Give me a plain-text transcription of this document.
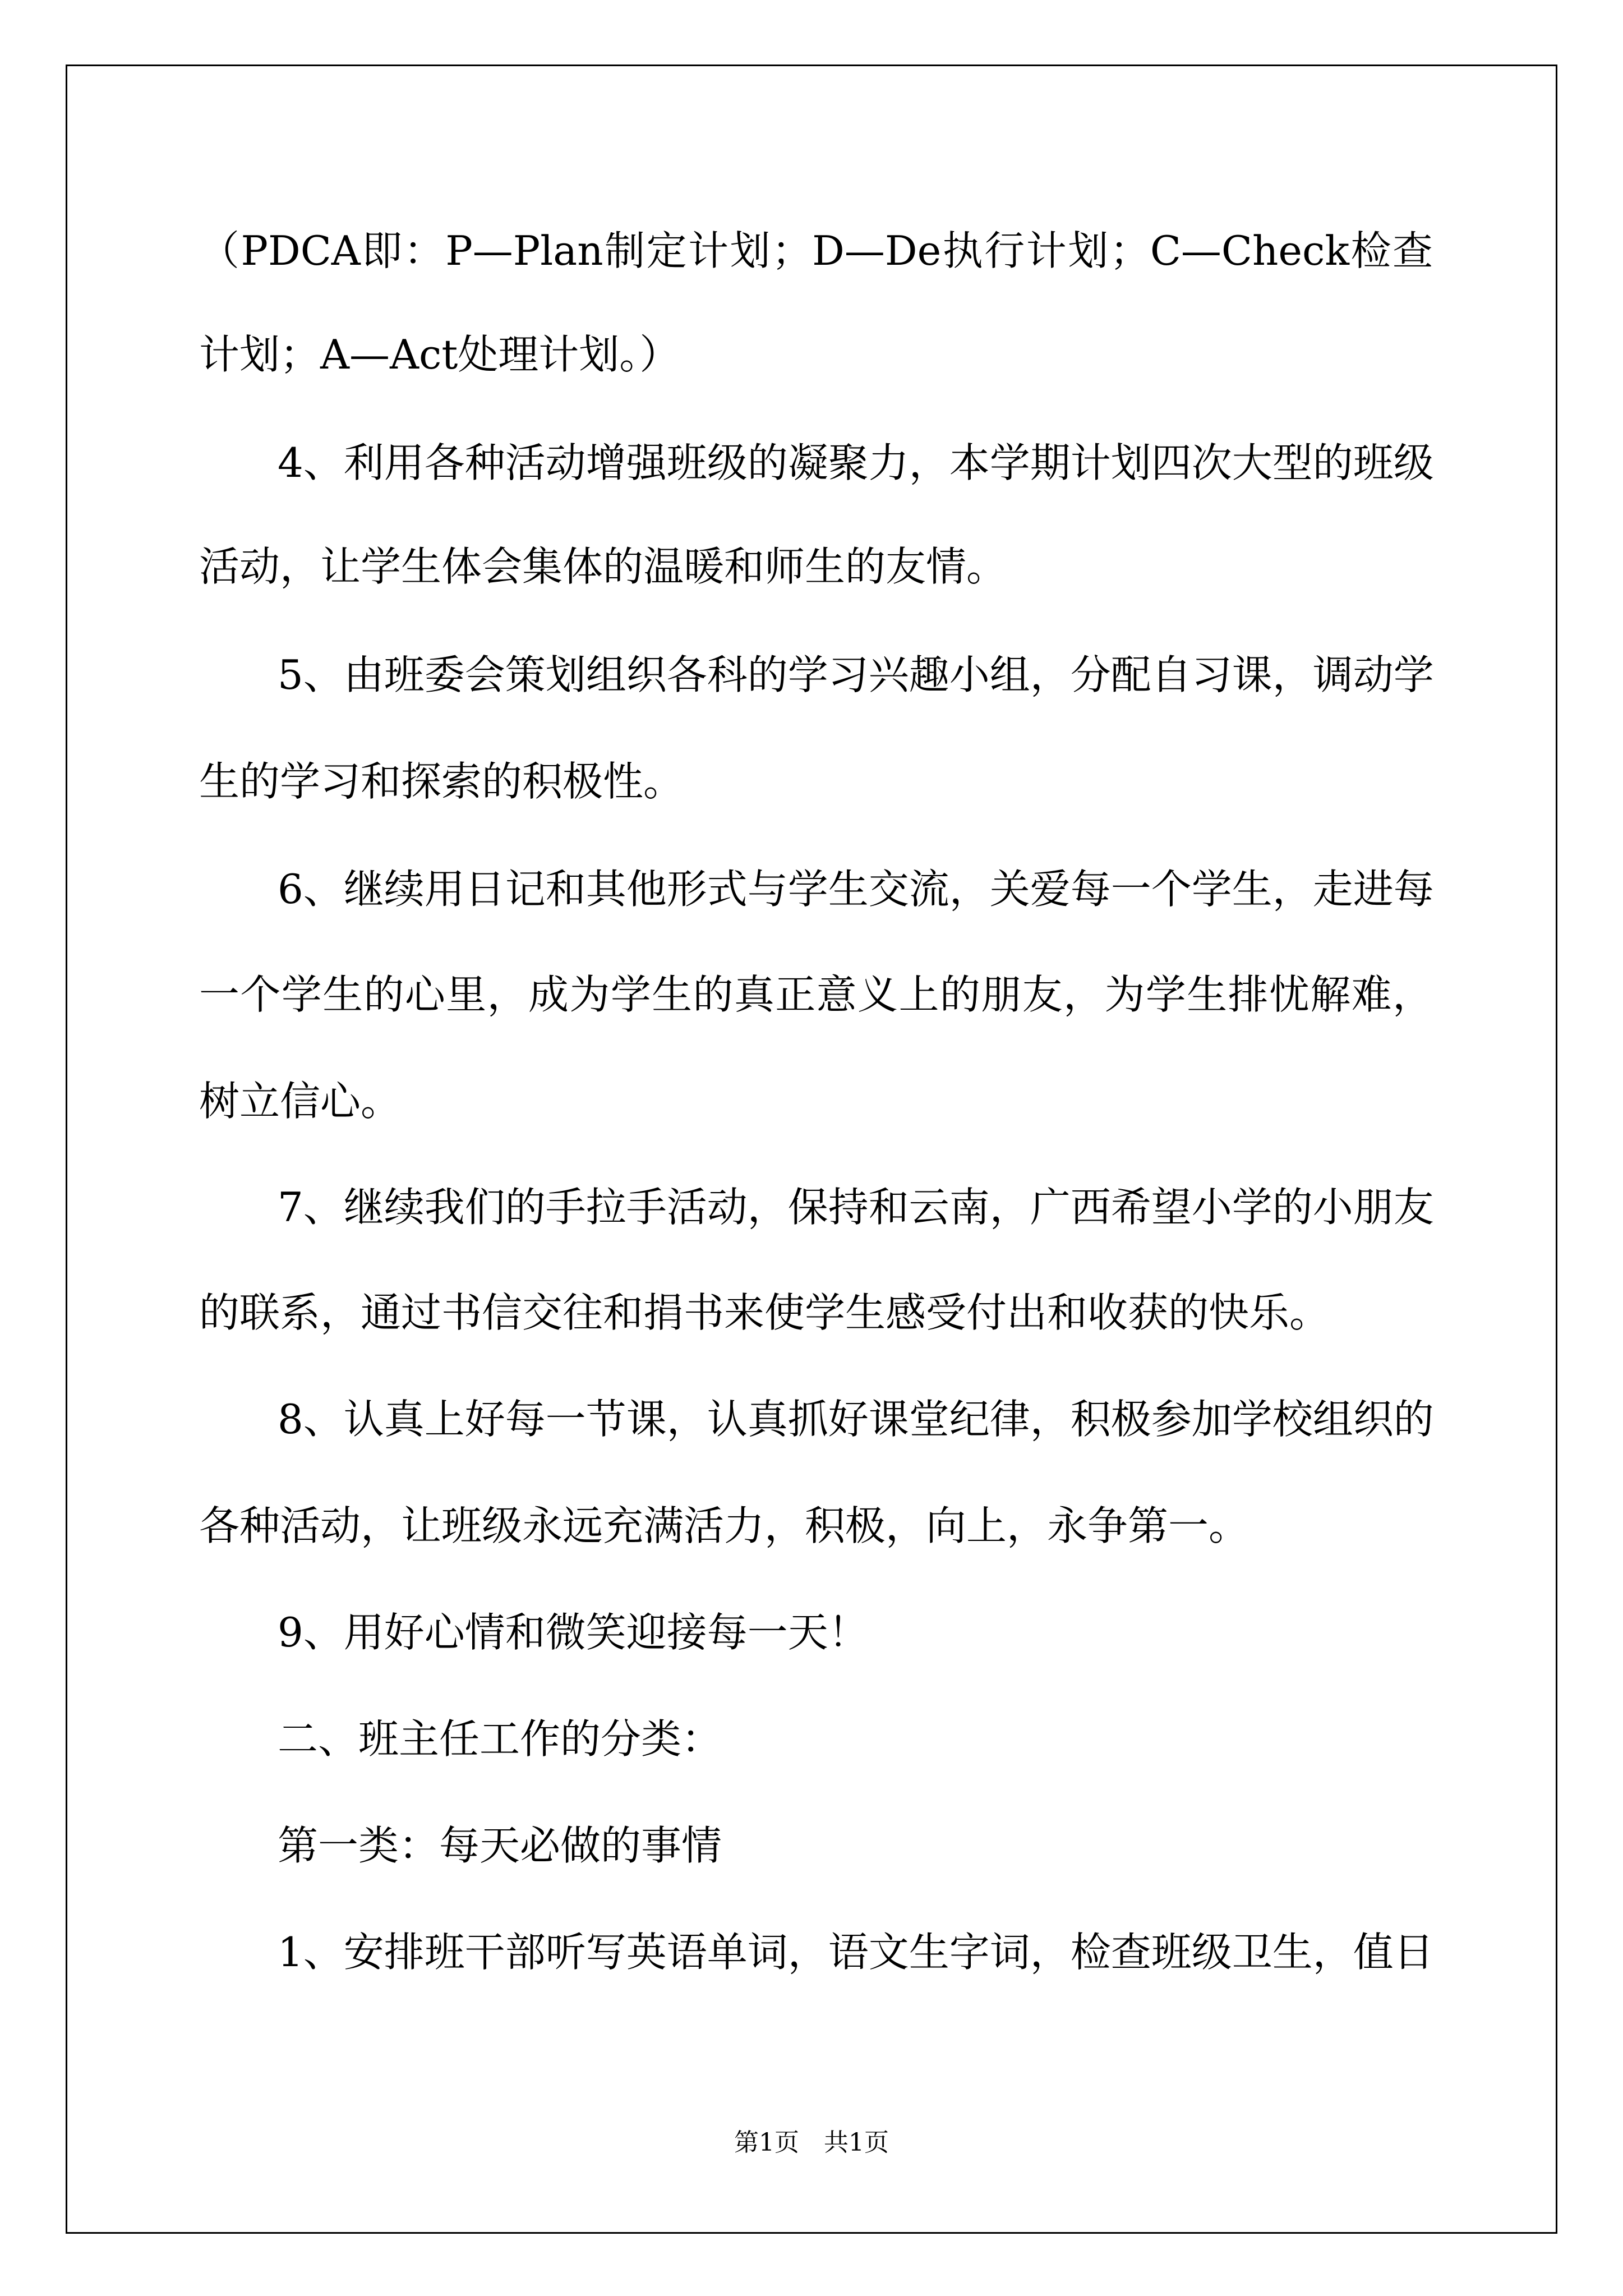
（PDCA即：P—Plan制定计划；D—De执行计划；C—Check检查
计划；A—Act处理计划。）
4、利用各种活动增强班级的凝聚力，本学期计划四次大型的班级
活动，让学生体会集体的温暖和师生的友情。
5、由班委会策划组织各科的学习兴趣小组，分配自习课，调动学
生的学习和探索的积极性。
6、继续用日记和其他形式与学生交流，关爱每一个学生，走进每
一个学生的心里，成为学生的真正意义上的朋友，为学生排忧解难，
树立信心。
7、继续我们的手拉手活动，保持和云南，广西希望小学的小朋友
的联系，通过书信交往和捐书来使学生感受付出和收获的快乐。
8、认真上好每一节课，认真抓好课堂纪律，积极参加学校组织的
各种活动，让班级永远充满活力，积极，向上，永争第一。
9、用好心情和微笑迎接每一天！
二、班主任工作的分类：
第一类：每天必做的事情
1、安排班干部听写英语单词，语文生字词，检查班级卫生，值日
第1页　共1页
